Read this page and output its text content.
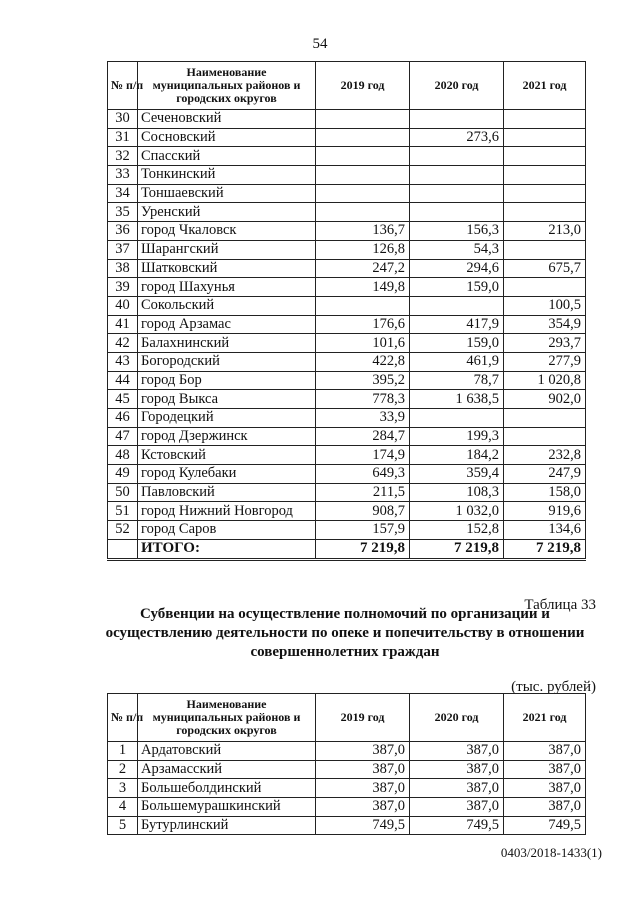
54
№ п/п	Наименование муниципальных районов и городских округов	2019 год	2020 год	2021 год
30	Сеченовский			
31	Сосновский		273,6	
32	Спасский			
33	Тонкинский			
34	Тоншаевский			
35	Уренский			
36	город Чкаловск	136,7	156,3	213,0
37	Шарангский	126,8	54,3	
38	Шатковский	247,2	294,6	675,7
39	город Шахунья	149,8	159,0	
40	Сокольский			100,5
41	город Арзамас	176,6	417,9	354,9
42	Балахнинский	101,6	159,0	293,7
43	Богородский	422,8	461,9	277,9
44	город Бор	395,2	78,7	1 020,8
45	город Выкса	778,3	1 638,5	902,0
46	Городецкий	33,9		
47	город Дзержинск	284,7	199,3	
48	Кстовский	174,9	184,2	232,8
49	город Кулебаки	649,3	359,4	247,9
50	Павловский	211,5	108,3	158,0
51	город Нижний Новгород	908,7	1 032,0	919,6
52	город Саров	157,9	152,8	134,6
	ИТОГО:	7 219,8	7 219,8	7 219,8
Таблица 33
Субвенции на осуществление полномочий по организации и осуществлению деятельности по опеке и попечительству в отношении совершеннолетних граждан
(тыс. рублей)
№ п/п	Наименование муниципальных районов и городских округов	2019 год	2020 год	2021 год
1	Ардатовский	387,0	387,0	387,0
2	Арзамасский	387,0	387,0	387,0
3	Большеболдинский	387,0	387,0	387,0
4	Большемурашкинский	387,0	387,0	387,0
5	Бутурлинский	749,5	749,5	749,5
0403/2018-1433(1)
